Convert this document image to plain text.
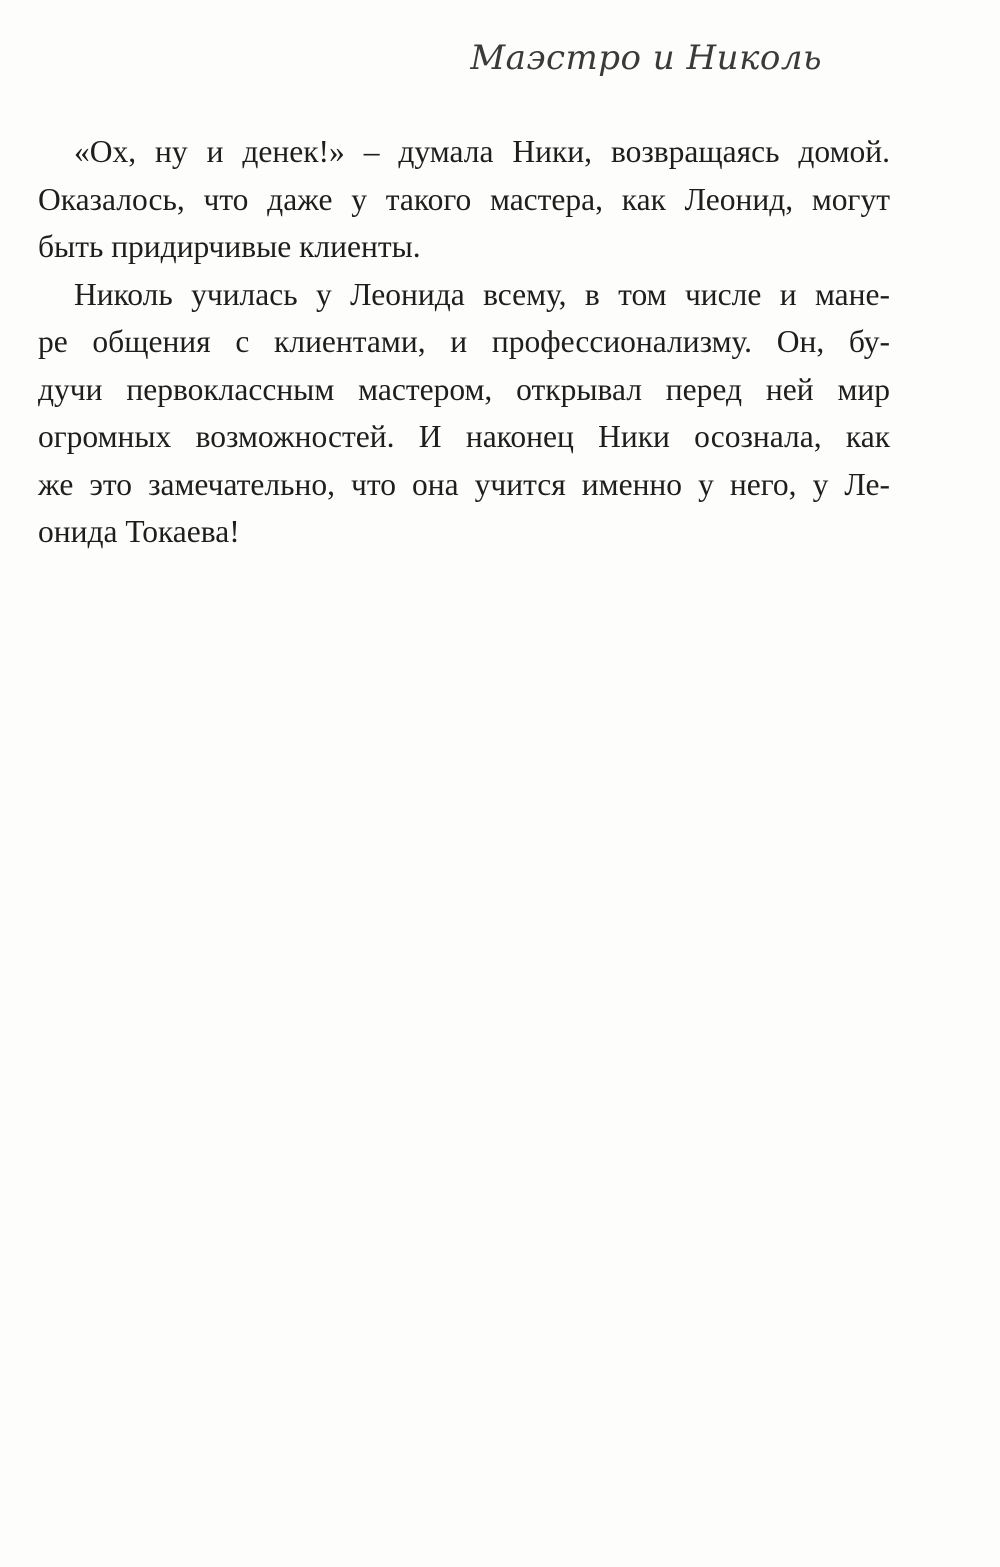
Маэстро и Николь
«Ох, ну и денек!» – думала Ники, возвращаясь домой.
Оказалось, что даже у такого мастера, как Леонид, могут
быть придирчивые клиенты.
Николь училась у Леонида всему, в том числе и мане-
ре общения с клиентами, и профессионализму. Он, бу-
дучи первоклассным мастером, открывал перед ней мир
огромных возможностей. И наконец Ники осознала, как
же это замечательно, что она учится именно у него, у Ле-
онида Токаева!
